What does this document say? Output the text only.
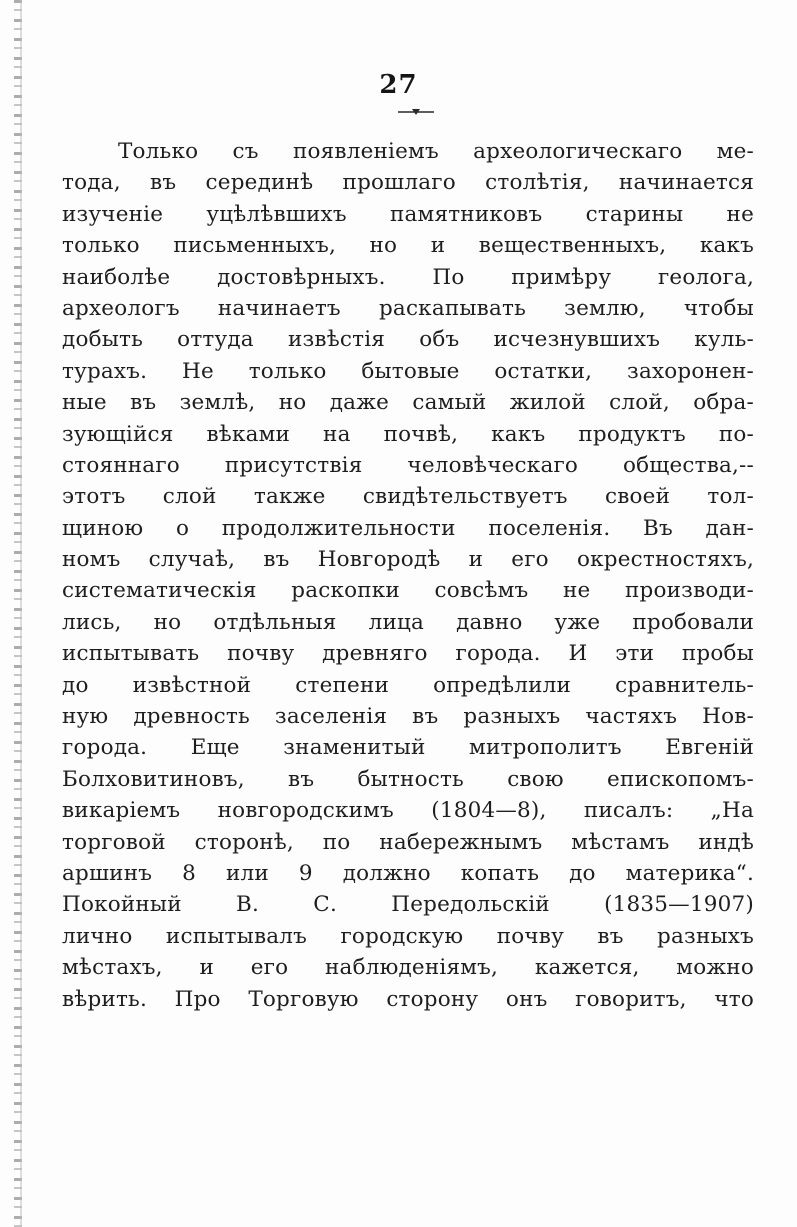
27
Только съ появленіемъ археологическаго ме-
тода, въ серединѣ прошлаго столѣтія, начинается
изученіе уцѣлѣвшихъ памятниковъ старины не
только письменныхъ, но и вещественныхъ, какъ
наиболѣе достовѣрныхъ. По примѣру геолога,
археологъ начинаетъ раскапывать землю, чтобы
добыть оттуда извѣстія объ исчезнувшихъ куль-
турахъ. Не только бытовые остатки, захоронен-
ные въ землѣ, но даже самый жилой слой, обра-
зующійся вѣками на почвѣ, какъ продуктъ по-
стояннаго присутствія человѣческаго общества,--
этотъ слой также свидѣтельствуетъ своей тол-
щиною о продолжительности поселенія. Въ дан-
номъ случаѣ, въ Новгородѣ и его окрестностяхъ,
систематическія раскопки совсѣмъ не производи-
лись, но отдѣльныя лица давно уже пробовали
испытывать почву древняго города. И эти пробы
до извѣстной степени опредѣлили сравнитель-
ную древность заселенія въ разныхъ частяхъ Нов-
города. Еще знаменитый митрополитъ Евгеній
Болховитиновъ, въ бытность свою епископомъ-
викаріемъ новгородскимъ (1804—8), писалъ: „На
торговой сторонѣ, по набережнымъ мѣстамъ индѣ
аршинъ 8 или 9 должно копать до материка“.
Покойный В. С. Передольскій (1835—1907)
лично испытывалъ городскую почву въ разныхъ
мѣстахъ, и его наблюденіямъ, кажется, можно
вѣрить. Про Торговую сторону онъ говоритъ, что
